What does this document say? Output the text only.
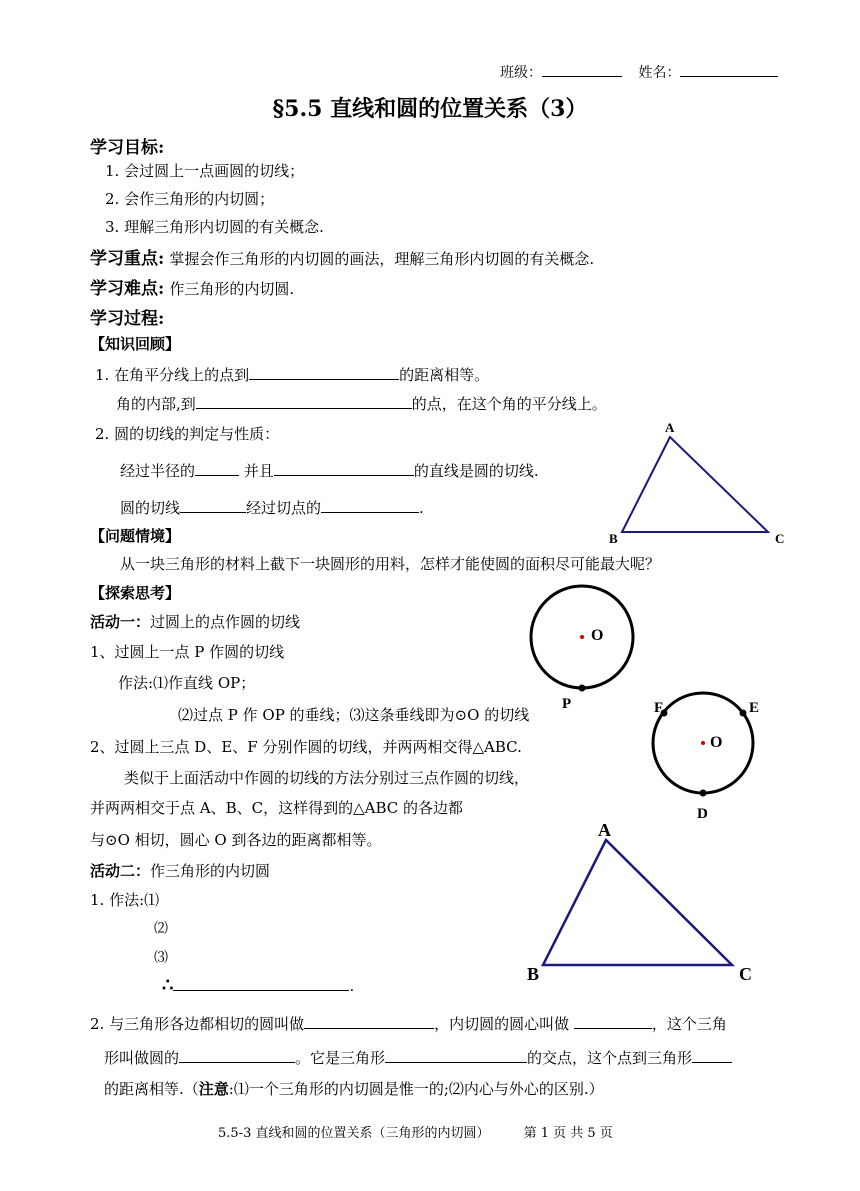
班级：	姓名：
§5.5 直线和圆的位置关系（3）
学习目标:
1. 会过圆上一点画圆的切线；
2. 会作三角形的内切圆；
3. 理解三角形内切圆的有关概念.
学习重点: 掌握会作三角形的内切圆的画法，理解三角形内切圆的有关概念.
学习难点: 作三角形的内切圆.
学习过程:
【知识回顾】
1. 在角平分线上的点到	的距离相等。
角的内部,到	的点，在这个角的平分线上。
2. 圆的切线的判定与性质：
经过半径的	并且	的直线是圆的切线.
圆的切线	经过切点的	.
【问题情境】
从一块三角形的材料上截下一块圆形的用料，怎样才能使圆的面积尽可能最大呢？
【探索思考】
活动一：过圆上的点作圆的切线
1、过圆上一点 P 作圆的切线
作法:⑴作直线 OP；
⑵过点 P 作 OP 的垂线；⑶这条垂线即为⊙O 的切线
2、过圆上三点 D、E、F 分别作圆的切线，并两两相交得△ABC.
类似于上面活动中作圆的切线的方法分别过三点作圆的切线，
并两两相交于点 A、B、C，这样得到的△ABC 的各边都
与⊙O 相切，圆心 O 到各边的距离都相等。
活动二：作三角形的内切圆
1. 作法:⑴
⑵
⑶
∴	.
2. 与三角形各边都相切的圆叫做	，内切圆的圆心叫做	，这个三角
形叫做圆的	。它是三角形	的交点，这个点到三角形
的距离相等.（注意:⑴一个三角形的内切圆是惟一的;⑵内心与外心的区别.）
A
B	C
O
P
O
D
E
F
A
B	C
5.5-3 直线和圆的位置关系（三角形的内切圆）	第 1 页 共 5 页
